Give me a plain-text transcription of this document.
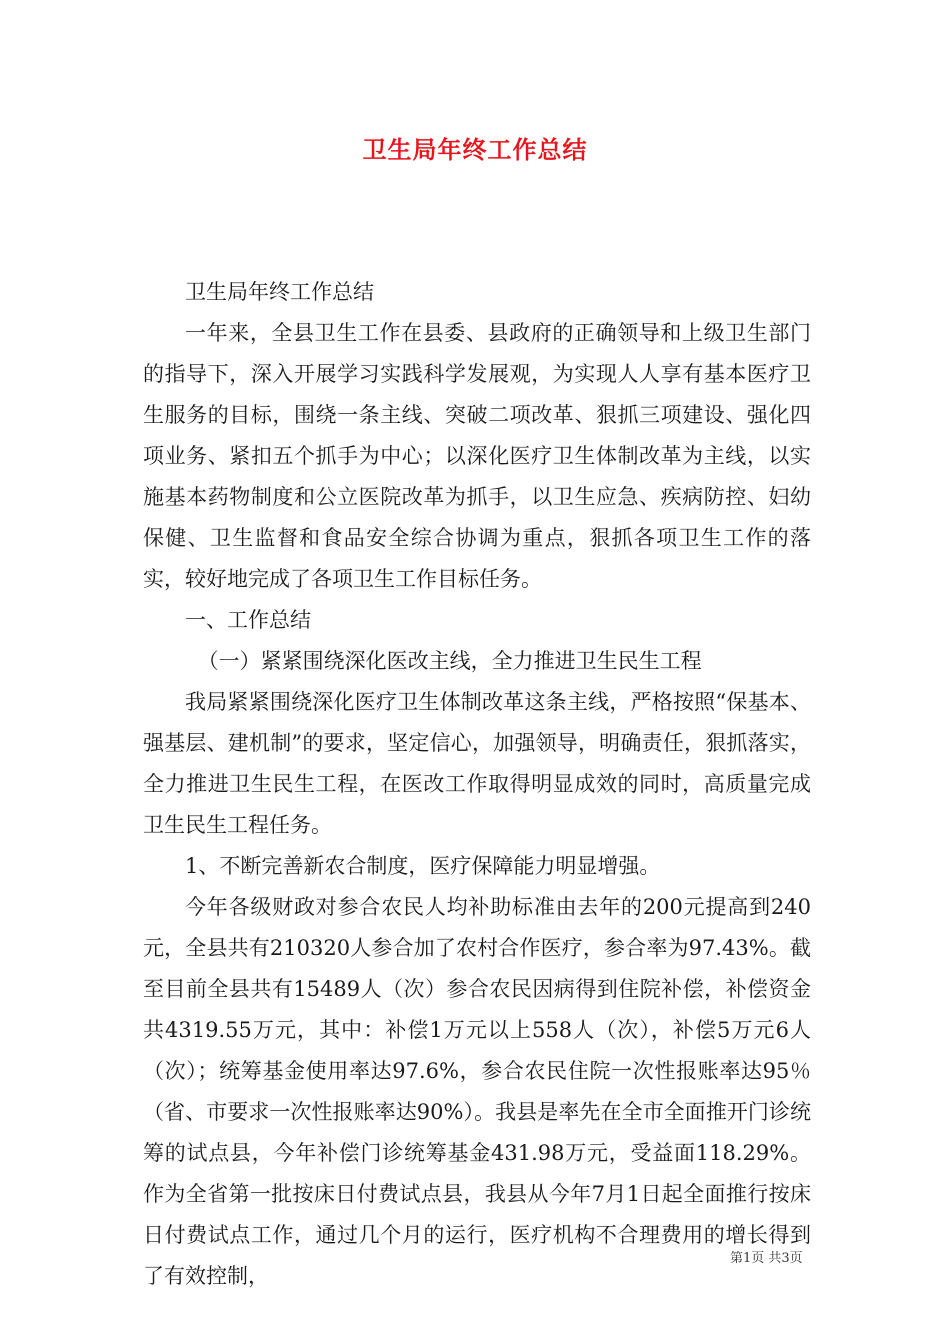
卫生局年终工作总结

卫生局年终工作总结

一年来，全县卫生工作在县委、县政府的正确领导和上级卫生部门的指导下，深入开展学习实践科学发展观，为实现人人享有基本医疗卫生服务的目标，围绕一条主线、突破二项改革、狠抓三项建设、强化四项业务、紧扣五个抓手为中心；以深化医疗卫生体制改革为主线，以实施基本药物制度和公立医院改革为抓手，以卫生应急、疾病防控、妇幼保健、卫生监督和食品安全综合协调为重点，狠抓各项卫生工作的落实，较好地完成了各项卫生工作目标任务。

一、工作总结

（一）紧紧围绕深化医改主线，全力推进卫生民生工程

我局紧紧围绕深化医疗卫生体制改革这条主线，严格按照“保基本、强基层、建机制”的要求，坚定信心，加强领导，明确责任，狠抓落实，全力推进卫生民生工程，在医改工作取得明显成效的同时，高质量完成卫生民生工程任务。

1、不断完善新农合制度，医疗保障能力明显增强。

今年各级财政对参合农民人均补助标准由去年的200元提高到240元，全县共有210320人参合加了农村合作医疗，参合率为97.43%。截至目前全县共有15489人（次）参合农民因病得到住院补偿，补偿资金共4319.55万元，其中：补偿1万元以上558人（次），补偿5万元6人（次）；统筹基金使用率达97.6%，参合农民住院一次性报账率达95％（省、市要求一次性报账率达90%）。我县是率先在全市全面推开门诊统筹的试点县，今年补偿门诊统筹基金431.98万元，受益面118.29%。作为全省第一批按床日付费试点县，我县从今年7月1日起全面推行按床日付费试点工作，通过几个月的运行，医疗机构不合理费用的增长得到了有效控制，

第1页 共3页
